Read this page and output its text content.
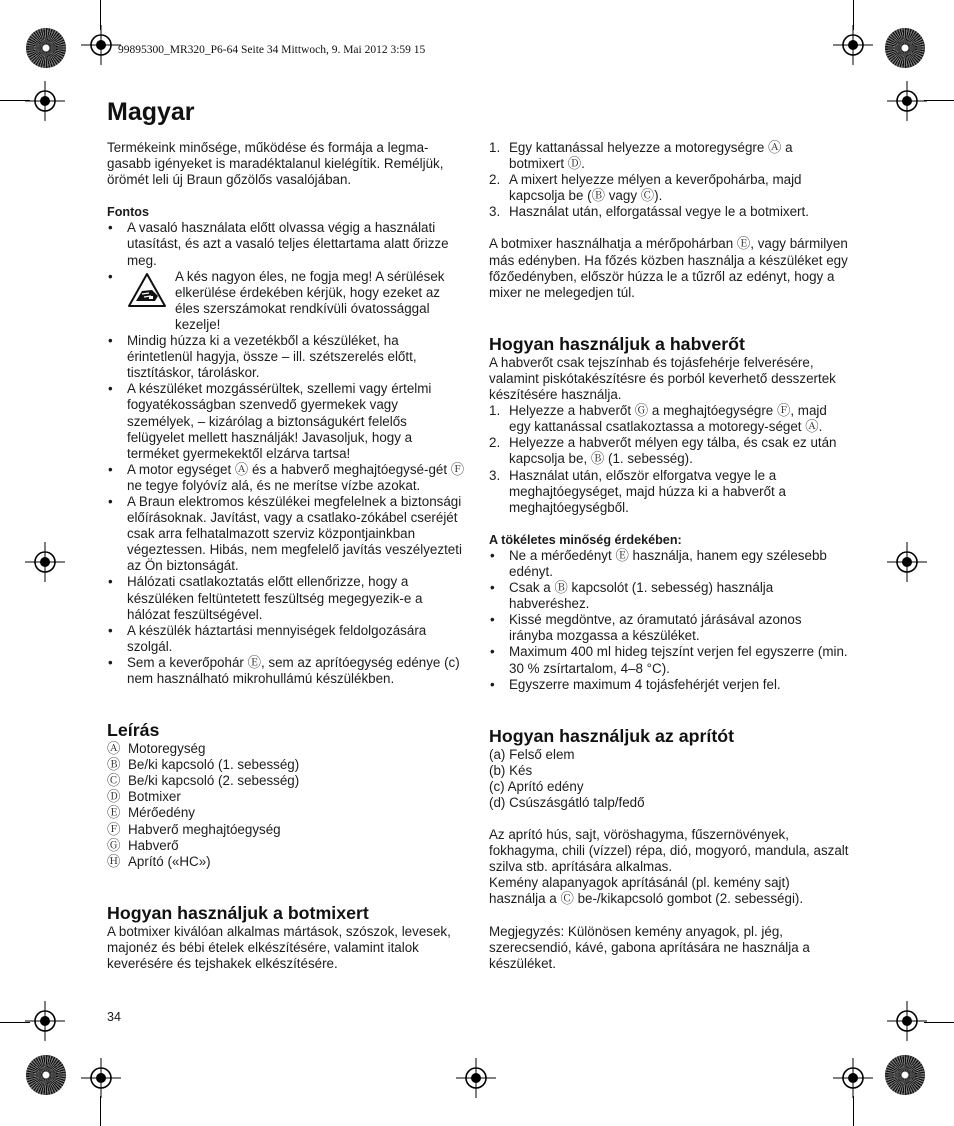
99895300_MR320_P6-64 Seite 34 Mittwoch, 9. Mai 2012 3:59 15
Magyar

Termékeink minősége, működése és formája a legma-gasabb igényeket is maradéktalanul kielégítik. Reméljük, örömét leli új Braun gőzölős vasalójában.

Fontos

• A vasaló használata előtt olvassa végig a használati utasítást, és azt a vasaló teljes élettartama alatt őrizze meg.
• A kés nagyon éles, ne fogja meg! A sérülések elkerülése érdekében kérjük, hogy ezeket az éles szerszámokat rendkívüli óvatossággal kezelje!
• Mindig húzza ki a vezetékből a készüléket, ha érintetlenül hagyja, össze – ill. szétszerelés előtt, tisztításkor, tároláskor.
• A készüléket mozgássérültek, szellemi vagy értelmi fogyatékosságban szenvedő gyermekek vagy személyek, – kizárólag a biztonságukért felelős felügyelet mellett használják! Javasoljuk, hogy a terméket gyermekektől elzárva tartsa!
• A motor egységet Ⓐ és a habverő meghajtóegysé-gét Ⓕ ne tegye folyóvíz alá, és ne merítse vízbe azokat.
• A Braun elektromos készülékei megfelelnek a biztonsági előírásoknak. Javítást, vagy a csatlako-zókábel cseréjét csak arra felhatalmazott szerviz központjainkban végeztessen. Hibás, nem megfelelő javítás veszélyezteti az Ön biztonságát.
• Hálózati csatlakoztatás előtt ellenőrizze, hogy a készüléken feltüntetett feszültség megegyezik-e a hálózat feszültségével.
• A készülék háztartási mennyiségek feldolgozására szolgál.
• Sem a keverőpohár Ⓔ, sem az aprítóegység edénye (c) nem használható mikrohullámú készülékben.
Leírás
Ⓐ Motoregység
Ⓑ Be/ki kapcsoló (1. sebesség)
Ⓒ Be/ki kapcsoló (2. sebesség)
Ⓓ Botmixer
Ⓔ Mérőedény
Ⓕ Habverő meghajtóegység
Ⓖ Habverő
Ⓗ Aprító («HC»)
Hogyan használjuk a botmixert

A botmixer kiválóan alkalmas mártások, szószok, levesek, majonéz és bébi ételek elkészítésére, valamint italok keverésére és tejshakek elkészítésére.

1. Egy kattanással helyezze a motoregységre Ⓐ a botmixert Ⓓ.
2. A mixert helyezze mélyen a keverőpohárba, majd kapcsolja be (Ⓑ vagy Ⓒ).
3. Használat után, elforgatással vegye le a botmixert.

A botmixer használhatja a mérőpohárban Ⓔ, vagy bármilyen más edényben. Ha főzés közben használja a készüléket egy főzőedényben, először húzza le a tűzről az edényt, hogy a mixer ne melegedjen túl.

Hogyan használjuk a habverőt

A habverőt csak tejszínhab és tojásfehérje felverésére, valamint piskótakészítésre és porból keverhető desszertek készítésére használja.

1. Helyezze a habverőt Ⓖ a meghajtóegységre Ⓕ, majd egy kattanással csatlakoztassa a motoregy-séget Ⓐ.
2. Helyezze a habverőt mélyen egy tálba, és csak ez után kapcsolja be, Ⓑ (1. sebesség).
3. Használat után, először elforgatva vegye le a meghajtóegységet, majd húzza ki a habverőt a meghajtóegységből.

A tökéletes minőség érdekében:

• Ne a mérőedényt Ⓔ használja, hanem egy szélesebb edényt.
• Csak a Ⓑ kapcsolót (1. sebesség) használja habveréshez.
• Kissé megdöntve, az óramutató járásával azonos irányba mozgassa a készüléket.
• Maximum 400 ml hideg tejszínt verjen fel egyszerre (min. 30 % zsírtartalom, 4–8 °C).
• Egyszerre maximum 4 tojásfehérjét verjen fel.
Hogyan használjuk az aprítót

(a) Felső elem

(b) Kés

(c) Aprító edény

(d) Csúszásgátló talp/fedő

Az aprító hús, sajt, vöröshagyma, fűszernövények, fokhagyma, chili (vízzel) répa, dió, mogyoró, mandula, aszalt szilva stb. aprítására alkalmas.

Kemény alapanyagok aprításánál (pl. kemény sajt) használja a Ⓒ be-/kikapcsoló gombot (2. sebességi).

Megjegyzés: Különösen kemény anyagok, pl. jég, szerecsendió, kávé, gabona aprítására ne használja a készüléket.

34
